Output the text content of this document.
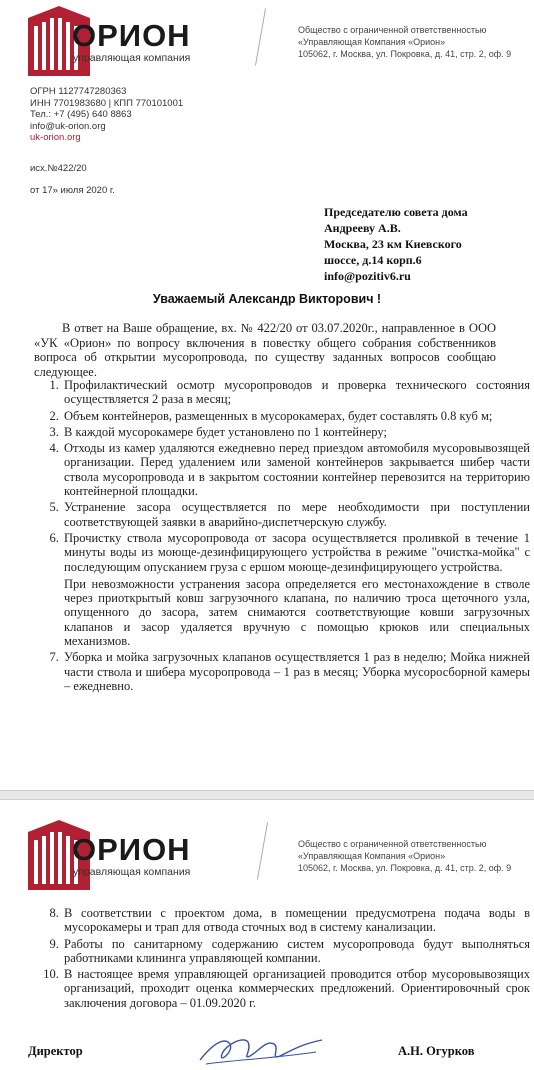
ОРИОН
управляющая компания
Общество с ограниченной ответственностью
«Управляющая Компания «Орион»
105062, г. Москва, ул. Покровка, д. 41, стр. 2, оф. 9
ОГРН 1127747280363
ИНН 7701983680 | КПП 770101001
Тел.: +7 (495) 640 8863
info@uk-orion.org
uk-orion.org
исх.№422/20
от 17» июля 2020 г.
Председателю совета дома
Андрееву А.В.
Москва, 23 км Киевского
шоссе, д.14 корп.6
info@pozitiv6.ru
Уважаемый Александр Викторович !
В ответ на Ваше обращение, вх. № 422/20 от 03.07.2020г., направленное в ООО «УК «Орион» по вопросу включения в повестку общего собрания собственников вопроса об открытии мусоропровода, по существу заданных вопросов сообщаю следующее.
1. Профилактический осмотр мусоропроводов и проверка технического состояния осуществляется 2 раза в месяц;
2. Объем контейнеров, размещенных в мусорокамерах, будет составлять 0.8 куб м;
3. В каждой мусорокамере будет установлено по 1 контейнеру;
4. Отходы из камер удаляются ежедневно перед приездом автомобиля мусоровывозящей организации. Перед удалением или заменой контейнеров закрывается шибер части ствола мусоропровода и в закрытом состоянии контейнер перевозится на территорию контейнерной площадки.
5. Устранение засора осуществляется по мере необходимости при поступлении соответствующей заявки в аварийно-диспетчерскую службу.
6. Прочистку ствола мусоропровода от засора осуществляется проливкой в течение 1 минуты воды из моюще-дезинфицирующего устройства в режиме "очистка-мойка" с последующим опусканием груза с ершом моюще-дезинфицирующего устройства.
При невозможности устранения засора определяется его местонахождение в стволе через приоткрытый ковш загрузочного клапана, по наличию троса щеточного узла, опущенного до засора, затем снимаются соответствующие ковши загрузочных клапанов и засор удаляется вручную с помощью крюков или специальных механизмов.
7. Уборка и мойка загрузочных клапанов осуществляется 1 раз в неделю; Мойка нижней части ствола и шибера мусоропровода – 1 раз в месяц; Уборка мусоросборной камеры – ежедневно.
ОРИОН
управляющая компания
Общество с ограниченной ответственностью
«Управляющая Компания «Орион»
105062, г. Москва, ул. Покровка, д. 41, стр. 2, оф. 9
8. В соответствии с проектом дома, в помещении предусмотрена подача воды в мусорокамеры и трап для отвода сточных вод в систему канализации.
9. Работы по санитарному содержанию систем мусоропровода будут выполняться работниками клининга управляющей компании.
10. В настоящее время управляющей организацией проводится отбор мусоровывозящих организаций, проходит оценка коммерческих предложений. Ориентировочный срок заключения договора – 01.09.2020 г.
Директор	А.Н. Огурков
